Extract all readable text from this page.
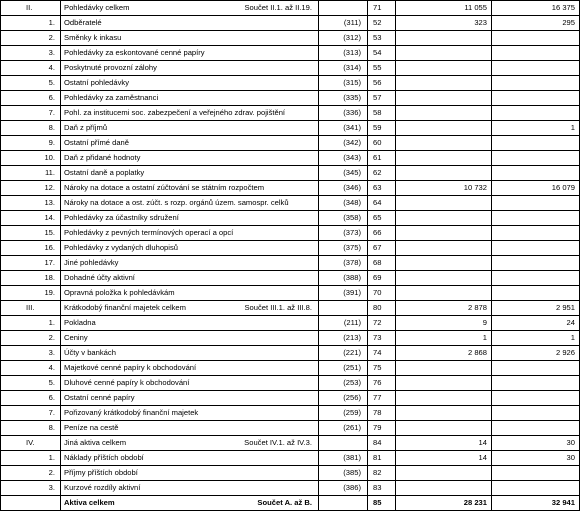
II.	Pohledávky celkem Součet II.1. až II.19.		71	11 055	16 375
1.	Odběratelé	(311)	52	323	295
2.	Směnky k inkasu	(312)	53		
3.	Pohledávky za eskontované cenné papíry	(313)	54		
4.	Poskytnuté provozní zálohy	(314)	55		
5.	Ostatní pohledávky	(315)	56		
6.	Pohledávky za zaměstnanci	(335)	57		
7.	Pohl. za institucemi soc. zabezpečení a veřejného zdrav. pojištění	(336)	58		
8.	Daň z příjmů	(341)	59		1
9.	Ostatní přímé daně	(342)	60		
10.	Daň z přidané hodnoty	(343)	61		
11.	Ostatní daně a poplatky	(345)	62		
12.	Nároky na dotace a ostatní zúčtování se státním rozpočtem	(346)	63	10 732	16 079
13.	Nároky na dotace a ost. zúčt. s rozp. orgánů územ. samospr. celků	(348)	64		
14.	Pohledávky za účastníky sdružení	(358)	65		
15.	Pohledávky z pevných termínových operací a opcí	(373)	66		
16.	Pohledávky z vydaných dluhopisů	(375)	67		
17.	Jiné pohledávky	(378)	68		
18.	Dohadné účty aktivní	(388)	69		
19.	Opravná položka k pohledávkám	(391)	70		
III.	Krátkodobý finanční majetek celkem Součet III.1. až III.8.		80	2 878	2 951
1.	Pokladna	(211)	72	9	24
2.	Ceniny	(213)	73	1	1
3.	Účty v bankách	(221)	74	2 868	2 926
4.	Majetkové cenné papíry k obchodování	(251)	75		
5.	Dluhové cenné papíry k obchodování	(253)	76		
6.	Ostatní cenné papíry	(256)	77		
7.	Pořizovaný krátkodobý finanční majetek	(259)	78		
8.	Peníze na cestě	(261)	79		
IV.	Jiná aktiva celkem Součet IV.1. až IV.3.		84	14	30
1.	Náklady příštích období	(381)	81	14	30
2.	Příjmy příštích období	(385)	82		
3.	Kurzové rozdíly aktivní	(386)	83		

	Aktiva celkem Součet A. až B.		85	28 231	32 941
